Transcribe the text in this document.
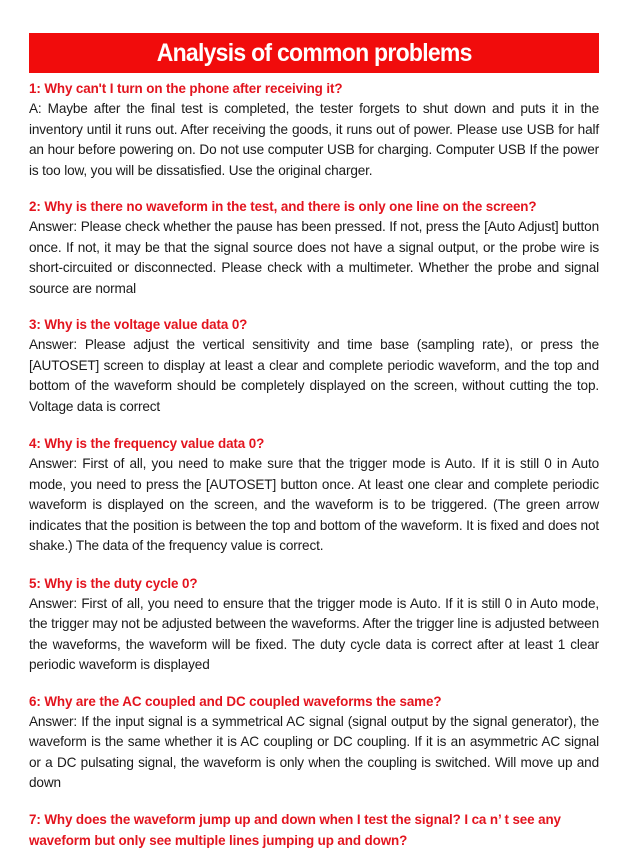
Analysis of common problems

1: Why can't I turn on the phone after receiving it?

A: Maybe after the final test is completed, the tester forgets to shut down and puts it in the inventory until it runs out. After receiving the goods, it runs out of power. Please use USB for half an hour before powering on. Do not use computer USB for charging. Computer USB If the power is too low, you will be dissatisfied. Use the original charger.

2: Why is there no waveform in the test, and there is only one line on the screen?

Answer: Please check whether the pause has been pressed. If not, press the [Auto Adjust] button once. If not, it may be that the signal source does not have a signal output, or the probe wire is short-circuited or disconnected. Please check with a multimeter. Whether the probe and signal source are normal

3: Why is the voltage value data 0?

Answer: Please adjust the vertical sensitivity and time base (sampling rate), or press the [AUTOSET] screen to display at least a clear and complete periodic waveform, and the top and bottom of the waveform should be completely displayed on the screen, without cutting the top. Voltage data is correct

4: Why is the frequency value data 0?

Answer: First of all, you need to make sure that the trigger mode is Auto. If it is still 0 in Auto mode, you need to press the [AUTOSET] button once. At least one clear and complete periodic waveform is displayed on the screen, and the waveform is to be triggered. (The green arrow indicates that the position is between the top and bottom of the waveform. It is fixed and does not shake.) The data of the frequency value is correct.

5: Why is the duty cycle 0?

Answer: First of all, you need to ensure that the trigger mode is Auto. If it is still 0 in Auto mode, the trigger may not be adjusted between the waveforms. After the trigger line is adjusted between the waveforms, the waveform will be fixed. The duty cycle data is correct after at least 1 clear periodic waveform is displayed

6: Why are the AC coupled and DC coupled waveforms the same?

Answer: If the input signal is a symmetrical AC signal (signal output by the signal generator), the waveform is the same whether it is AC coupling or DC coupling. If it is an asymmetric AC signal or a DC pulsating signal, the waveform is only when the coupling is switched. Will move up and down

7: Why does the waveform jump up and down when I test the signal? I ca n’ t see any waveform but only see multiple lines jumping up and down?
